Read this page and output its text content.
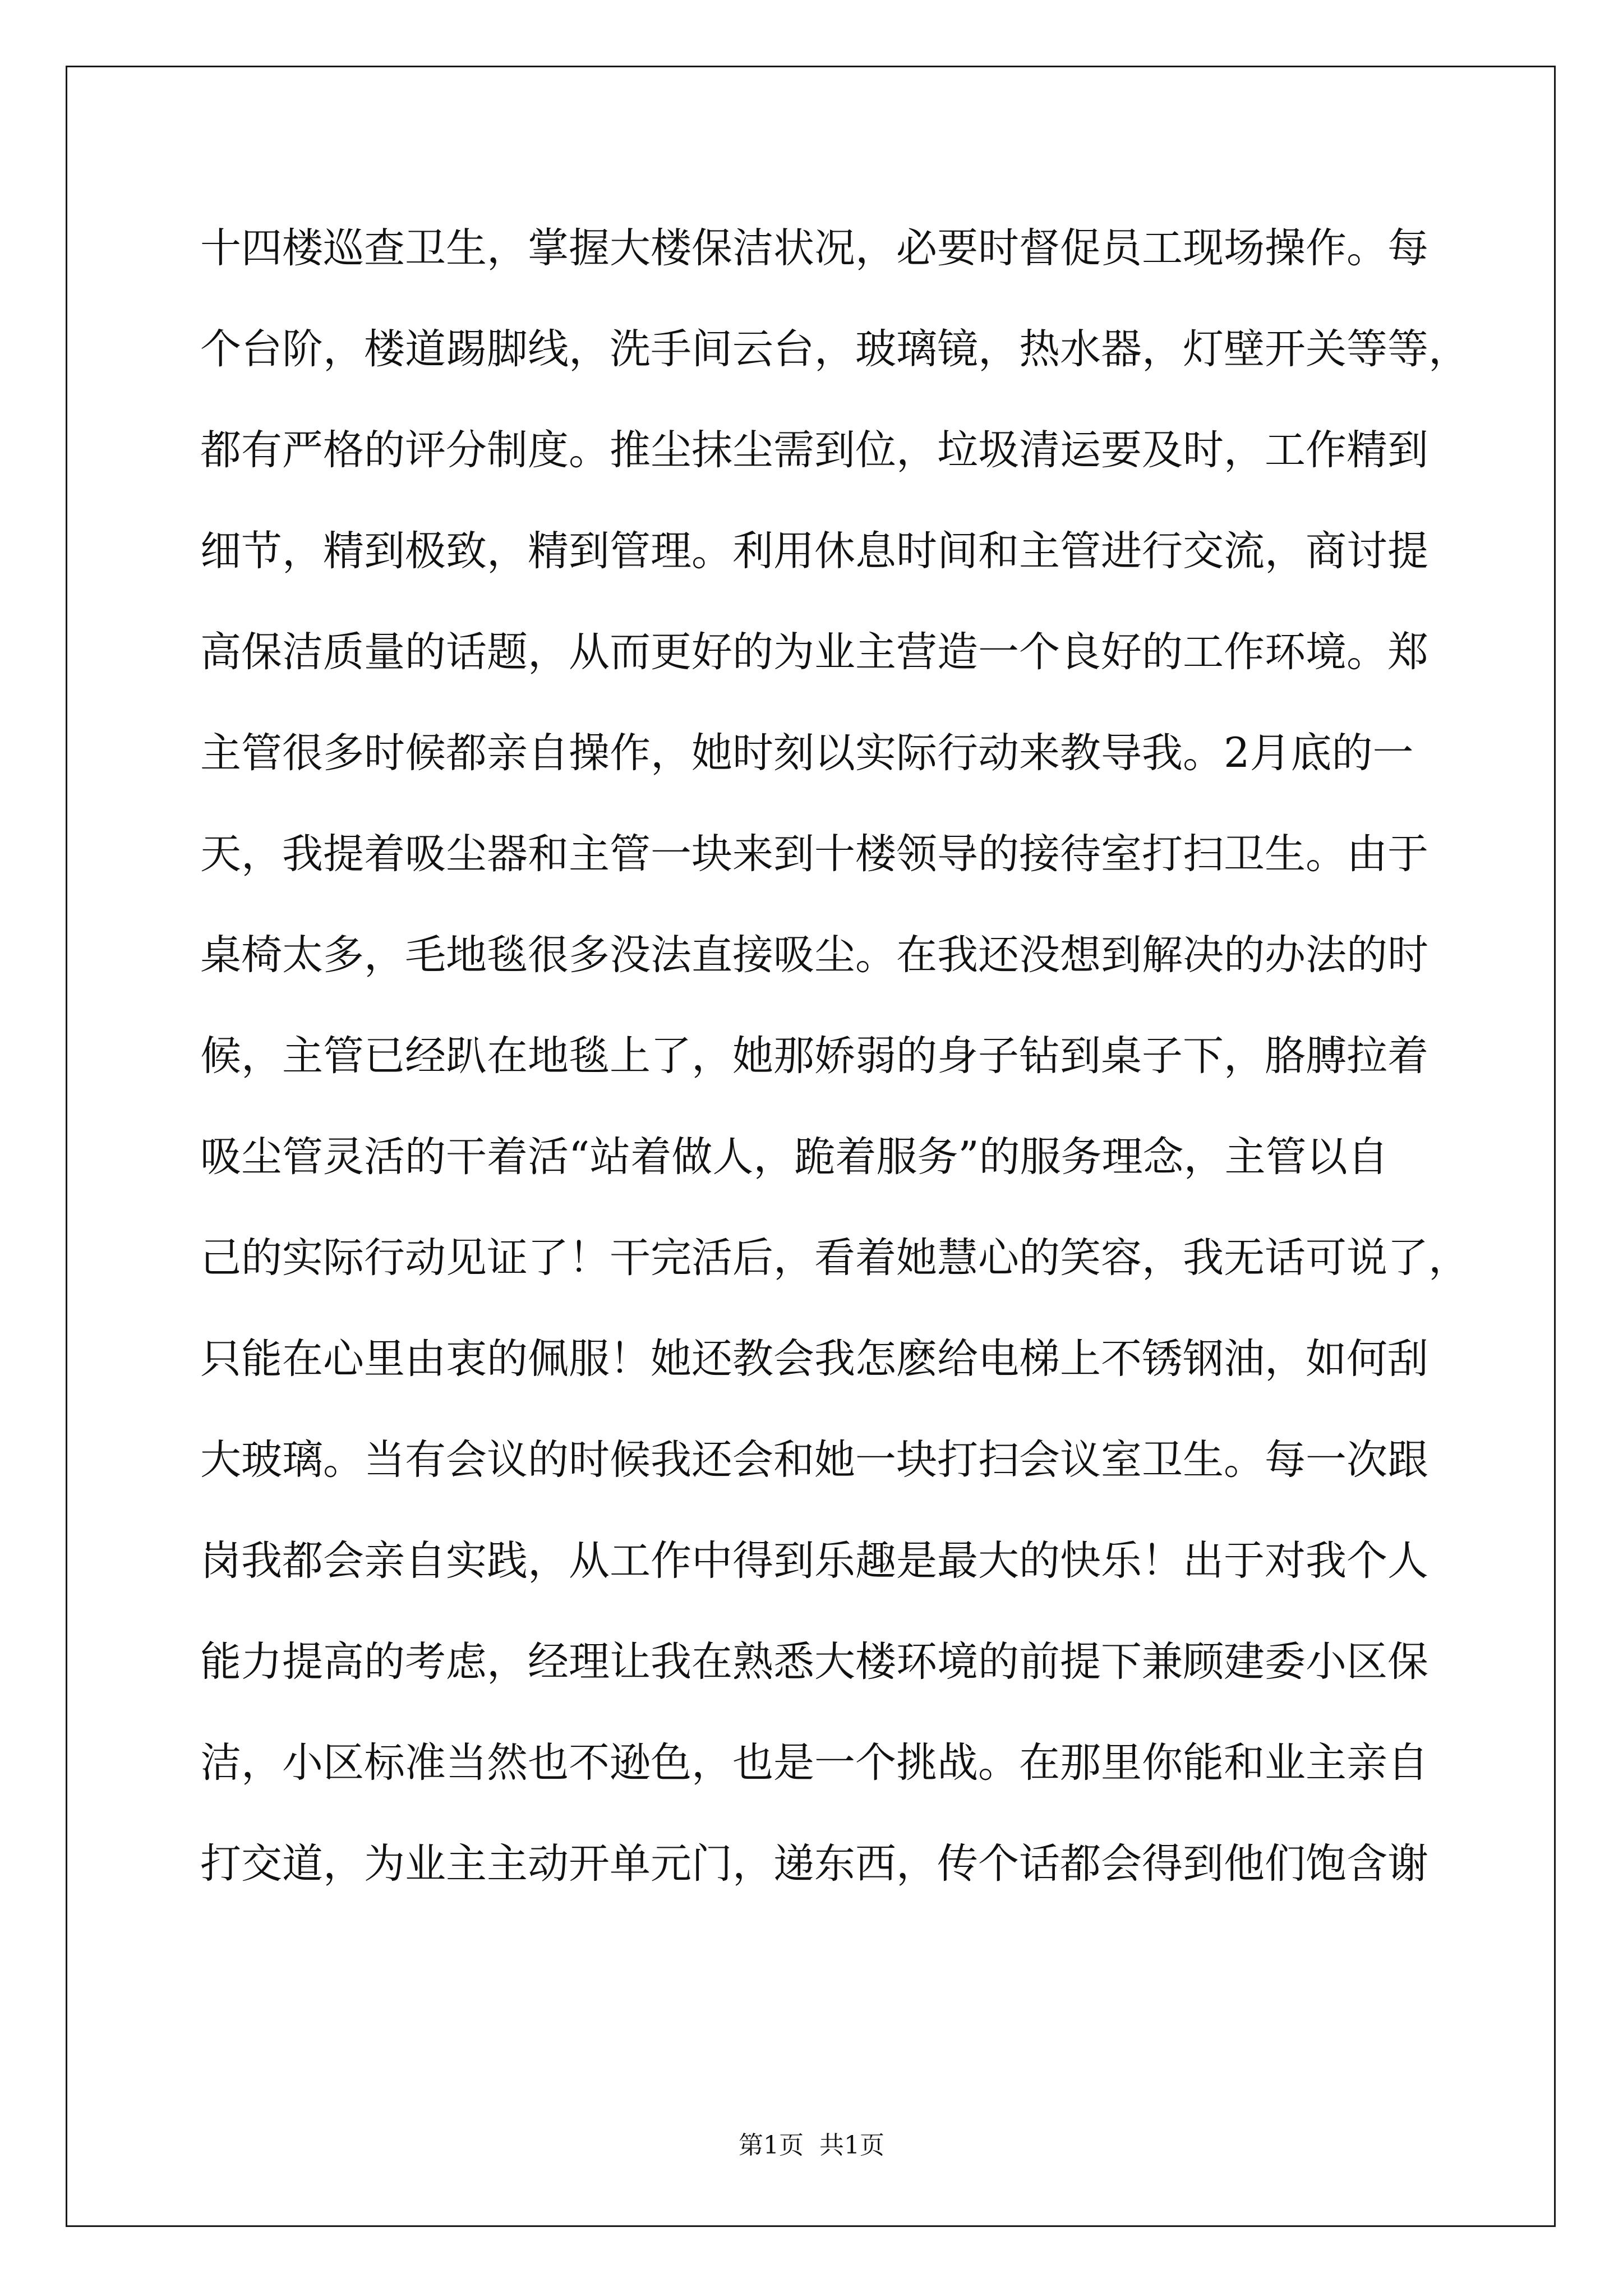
十四楼巡查卫生，掌握大楼保洁状况，必要时督促员工现场操作。每
个台阶，楼道踢脚线，洗手间云台，玻璃镜，热水器，灯壁开关等等，
都有严格的评分制度。推尘抹尘需到位，垃圾清运要及时，工作精到
细节，精到极致，精到管理。利用休息时间和主管进行交流，商讨提
高保洁质量的话题，从而更好的为业主营造一个良好的工作环境。郑
主管很多时候都亲自操作，她时刻以实际行动来教导我。2月底的一
天，我提着吸尘器和主管一块来到十楼领导的接待室打扫卫生。由于
桌椅太多，毛地毯很多没法直接吸尘。在我还没想到解决的办法的时
候，主管已经趴在地毯上了，她那娇弱的身子钻到桌子下，胳膊拉着
吸尘管灵活的干着活“站着做人，跪着服务”的服务理念，主管以自
己的实际行动见证了！干完活后，看着她慧心的笑容，我无话可说了，
只能在心里由衷的佩服！她还教会我怎麽给电梯上不锈钢油，如何刮
大玻璃。当有会议的时候我还会和她一块打扫会议室卫生。每一次跟
岗我都会亲自实践，从工作中得到乐趣是最大的快乐！出于对我个人
能力提高的考虑，经理让我在熟悉大楼环境的前提下兼顾建委小区保
洁，小区标准当然也不逊色，也是一个挑战。在那里你能和业主亲自
打交道，为业主主动开单元门，递东西，传个话都会得到他们饱含谢
第1页  共1页
